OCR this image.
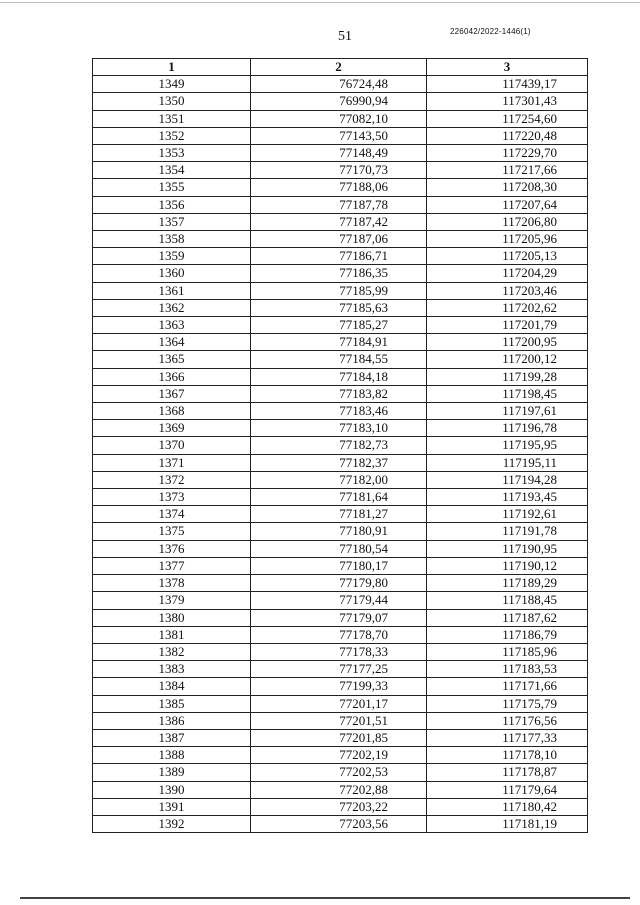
51	226042/2022-1446(1)
1	2	3
1349	76724,48	117439,17
1350	76990,94	117301,43
1351	77082,10	117254,60
1352	77143,50	117220,48
1353	77148,49	117229,70
1354	77170,73	117217,66
1355	77188,06	117208,30
1356	77187,78	117207,64
1357	77187,42	117206,80
1358	77187,06	117205,96
1359	77186,71	117205,13
1360	77186,35	117204,29
1361	77185,99	117203,46
1362	77185,63	117202,62
1363	77185,27	117201,79
1364	77184,91	117200,95
1365	77184,55	117200,12
1366	77184,18	117199,28
1367	77183,82	117198,45
1368	77183,46	117197,61
1369	77183,10	117196,78
1370	77182,73	117195,95
1371	77182,37	117195,11
1372	77182,00	117194,28
1373	77181,64	117193,45
1374	77181,27	117192,61
1375	77180,91	117191,78
1376	77180,54	117190,95
1377	77180,17	117190,12
1378	77179,80	117189,29
1379	77179,44	117188,45
1380	77179,07	117187,62
1381	77178,70	117186,79
1382	77178,33	117185,96
1383	77177,25	117183,53
1384	77199,33	117171,66
1385	77201,17	117175,79
1386	77201,51	117176,56
1387	77201,85	117177,33
1388	77202,19	117178,10
1389	77202,53	117178,87
1390	77202,88	117179,64
1391	77203,22	117180,42
1392	77203,56	117181,19
